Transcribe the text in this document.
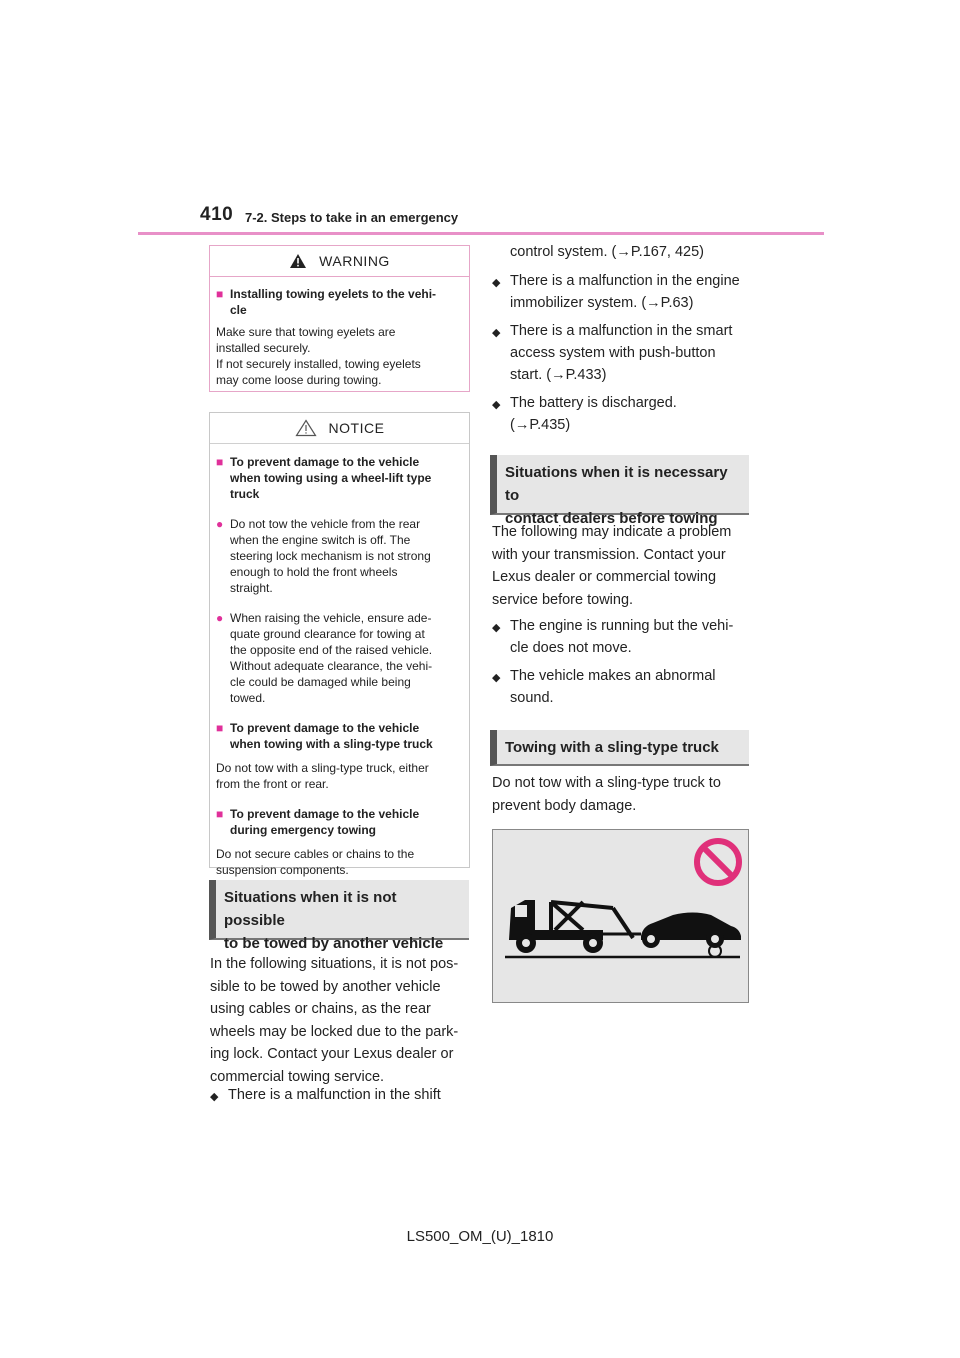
410 7-2. Steps to take in an emergency
WARNING
■ Installing towing eyelets to the vehi-
cle
Make sure that towing eyelets are
installed securely.
If not securely installed, towing eyelets
may come loose during towing.
NOTICE
■ To prevent damage to the vehicle
when towing using a wheel-lift type
truck
● Do not tow the vehicle from the rear
when the engine switch is off. The
steering lock mechanism is not strong
enough to hold the front wheels
straight.
● When raising the vehicle, ensure ade-
quate ground clearance for towing at
the opposite end of the raised vehicle.
Without adequate clearance, the vehi-
cle could be damaged while being
towed.
■ To prevent damage to the vehicle
when towing with a sling-type truck
Do not tow with a sling-type truck, either
from the front or rear.
■ To prevent damage to the vehicle
during emergency towing
Do not secure cables or chains to the
suspension components.
Situations when it is not possible
to be towed by another vehicle
In the following situations, it is not pos-
sible to be towed by another vehicle
using cables or chains, as the rear
wheels may be locked due to the park-
ing lock. Contact your Lexus dealer or
commercial towing service.
◆ There is a malfunction in the shift
control system. (→P.167, 425)
◆ There is a malfunction in the engine
immobilizer system. (→P.63)
◆ There is a malfunction in the smart
access system with push-button
start. (→P.433)
◆ The battery is discharged.
(→P.435)
Situations when it is necessary to
contact dealers before towing
The following may indicate a problem
with your transmission. Contact your
Lexus dealer or commercial towing
service before towing.
◆ The engine is running but the vehi-
cle does not move.
◆ The vehicle makes an abnormal
sound.
Towing with a sling-type truck
Do not tow with a sling-type truck to
prevent body damage.
LS500_OM_(U)_1810
